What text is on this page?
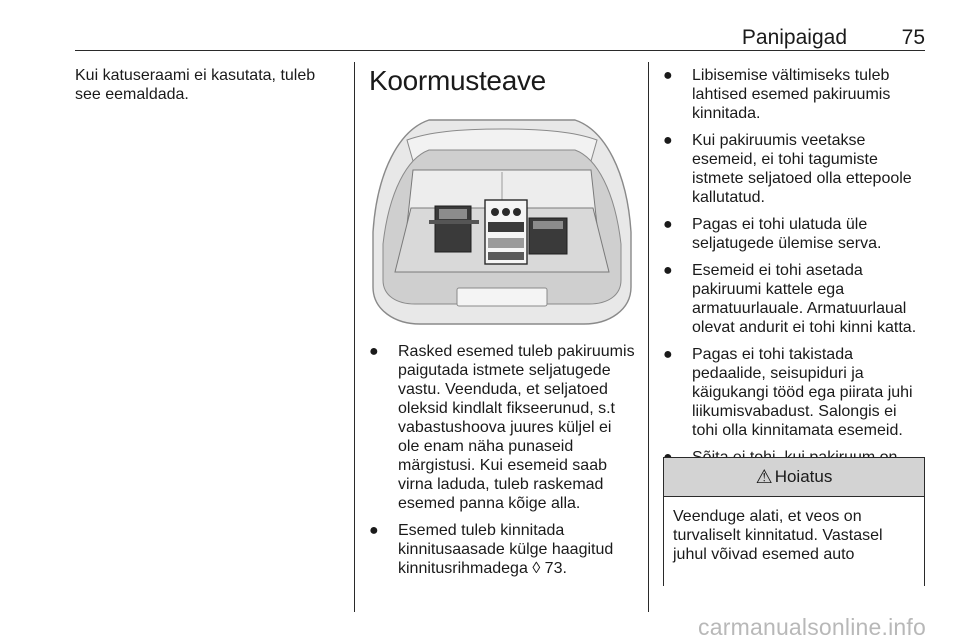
Panipaigad	75

Kui katuseraami ei kasutata, tuleb see eemaldada.	Koormusteave
● Rasked esemed tuleb pakiruumis paigutada istmete seljatugede vastu. Veenduda, et seljatoed oleksid kindlalt fikseerunud, s.t vabastushoova juures küljel ei ole enam näha punaseid märgistusi. Kui esemeid saab virna laduda, tuleb raskemad esemed panna kõige alla.
● Esemed tuleb kinnitada kinnitusaasade külge haagitud kinnitusrihmadega ◊ 73.
● Libisemise vältimiseks tuleb lahtised esemed pakiruumis kinnitada.
● Kui pakiruumis veetakse esemeid, ei tohi tagumiste istmete seljatoed olla ettepoole kallutatud.
● Pagas ei tohi ulatuda üle seljatugede ülemise serva.
● Esemeid ei tohi asetada pakiruumi kattele ega armatuurlauale. Armatuurlaual olevat andurit ei tohi kinni katta.
● Pagas ei tohi takistada pedaalide, seisupiduri ja käigukangi tööd ega piirata juhi liikumisvabadust. Salongis ei tohi olla kinnitamata esemeid.
⚠ Hoiatus
Veenduge alati, et veos on turvaliselt kinnitatud. Vastasel juhul võivad esemed auto
carmanualsonline.info
